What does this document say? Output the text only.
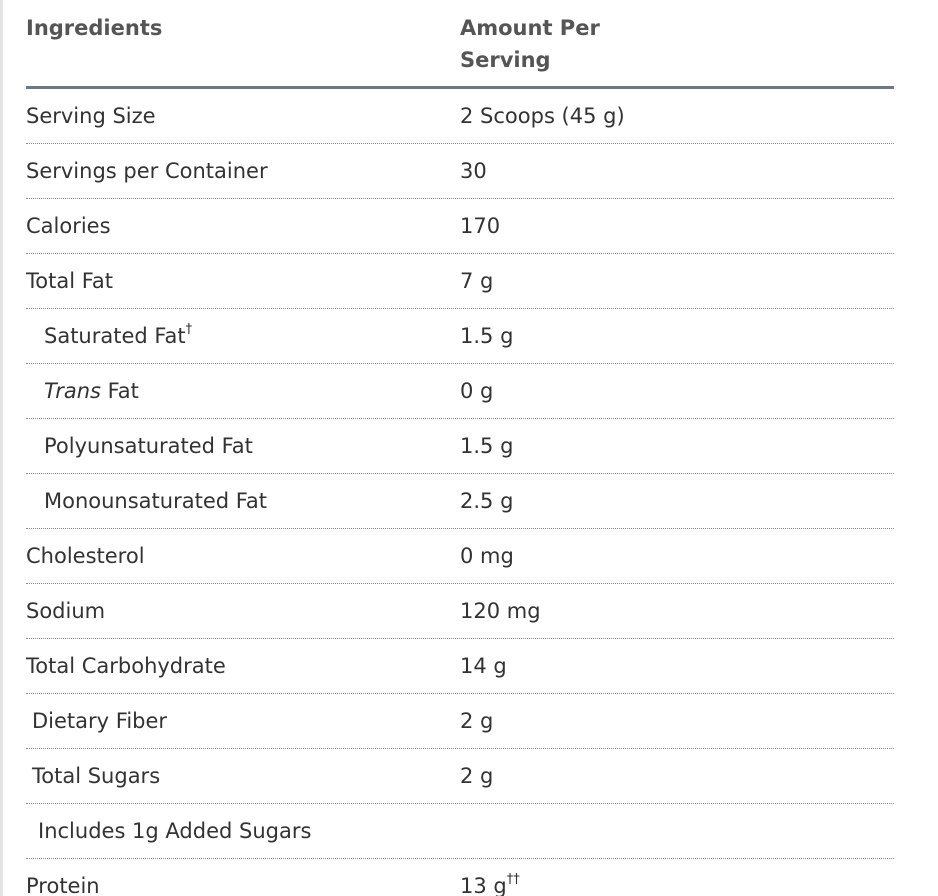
Ingredients	Amount Per
Serving
Serving Size	2 Scoops (45 g)
Servings per Container	30
Calories	170
Total Fat	7 g
Saturated Fat†	1.5 g
Trans Fat	0 g
Polyunsaturated Fat	1.5 g
Monounsaturated Fat	2.5 g
Cholesterol	0 mg
Sodium	120 mg
Total Carbohydrate	14 g
Dietary Fiber	2 g
Total Sugars	2 g
Includes 1g Added Sugars
Protein	13 g††
